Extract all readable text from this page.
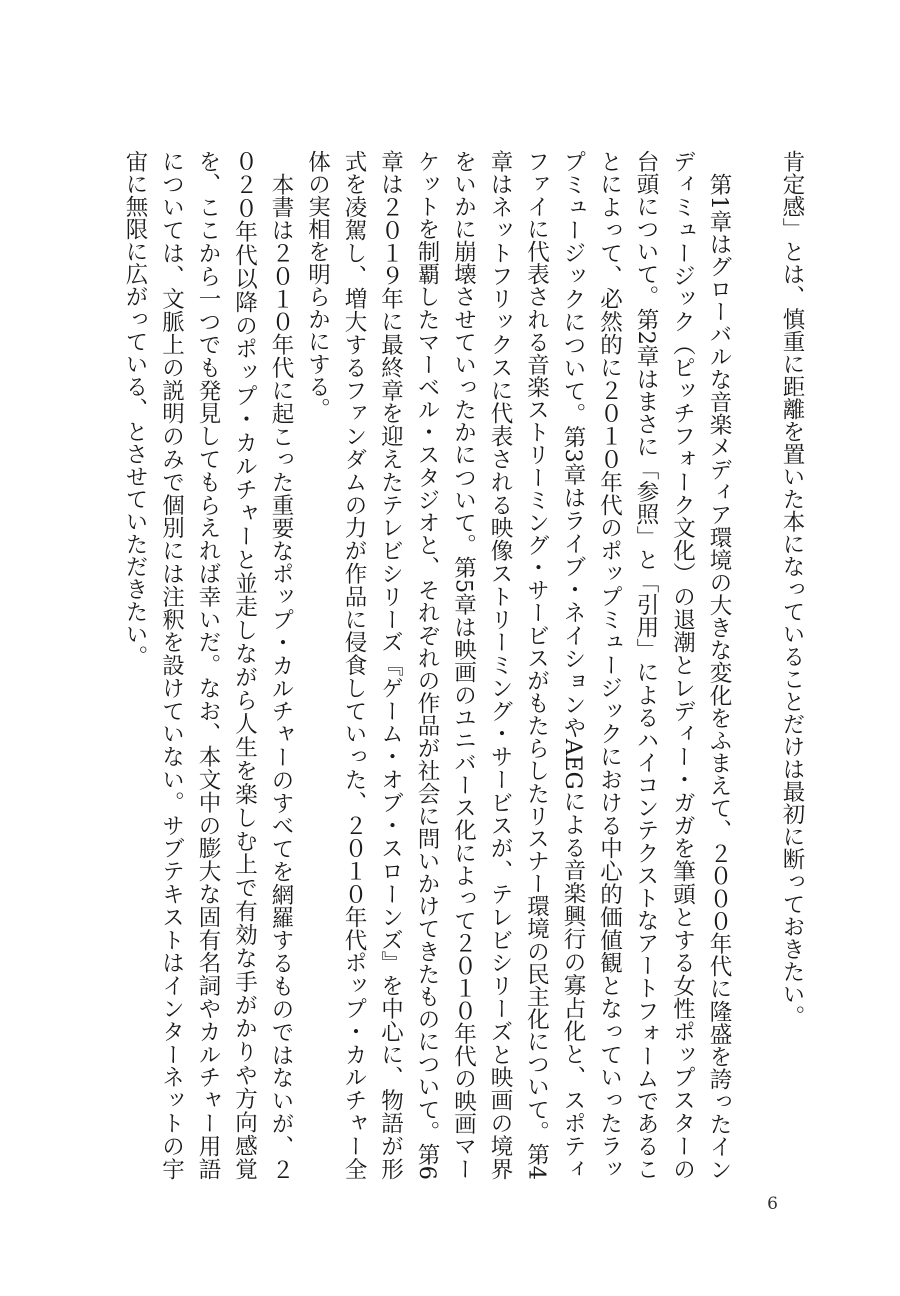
肯定感」とは、慎重に距離を置いた本になっていることだけは最初に断っておきたい。

第1章はグローバルな音楽メディア環境の大きな変化をふまえて、２０００年代に隆盛を誇ったインディミュージック（ピッチフォーク文化）の退潮とレディー・ガガを筆頭とする女性ポップスターの台頭について。第2章はまさに「参照」と「引用」によるハイコンテクストなアートフォームであることによって、必然的に２０１０年代のポップミュージックにおける中心的価値観となっていったラップミュージックについて。第3章はライブ・ネイションやAEGによる音楽興行の寡占化と、スポティファイに代表される音楽ストリーミング・サービスがもたらしたリスナー環境の民主化について。第4章はネットフリックスに代表される映像ストリーミング・サービスが、テレビシリーズと映画の境界をいかに崩壊させていったかについて。第5章は映画のユニバース化によって２０１０年代の映画マーケットを制覇したマーベル・スタジオと、それぞれの作品が社会に問いかけてきたものについて。第6章は２０１９年に最終章を迎えたテレビシリーズ『ゲーム・オブ・スローンズ』を中心に、物語が形式を凌駕し、増大するファンダムの力が作品に侵食していった、２０１０年代ポップ・カルチャー全体の実相を明らかにする。

本書は２０１０年代に起こった重要なポップ・カルチャーのすべてを網羅するものではないが、２０２０年代以降のポップ・カルチャーと並走しながら人生を楽しむ上で有効な手がかりや方向感覚を、ここから一つでも発見してもらえれば幸いだ。なお、本文中の膨大な固有名詞やカルチャー用語については、文脈上の説明のみで個別には注釈を設けていない。サブテキストはインターネットの宇宙に無限に広がっている、とさせていただきたい。

6
